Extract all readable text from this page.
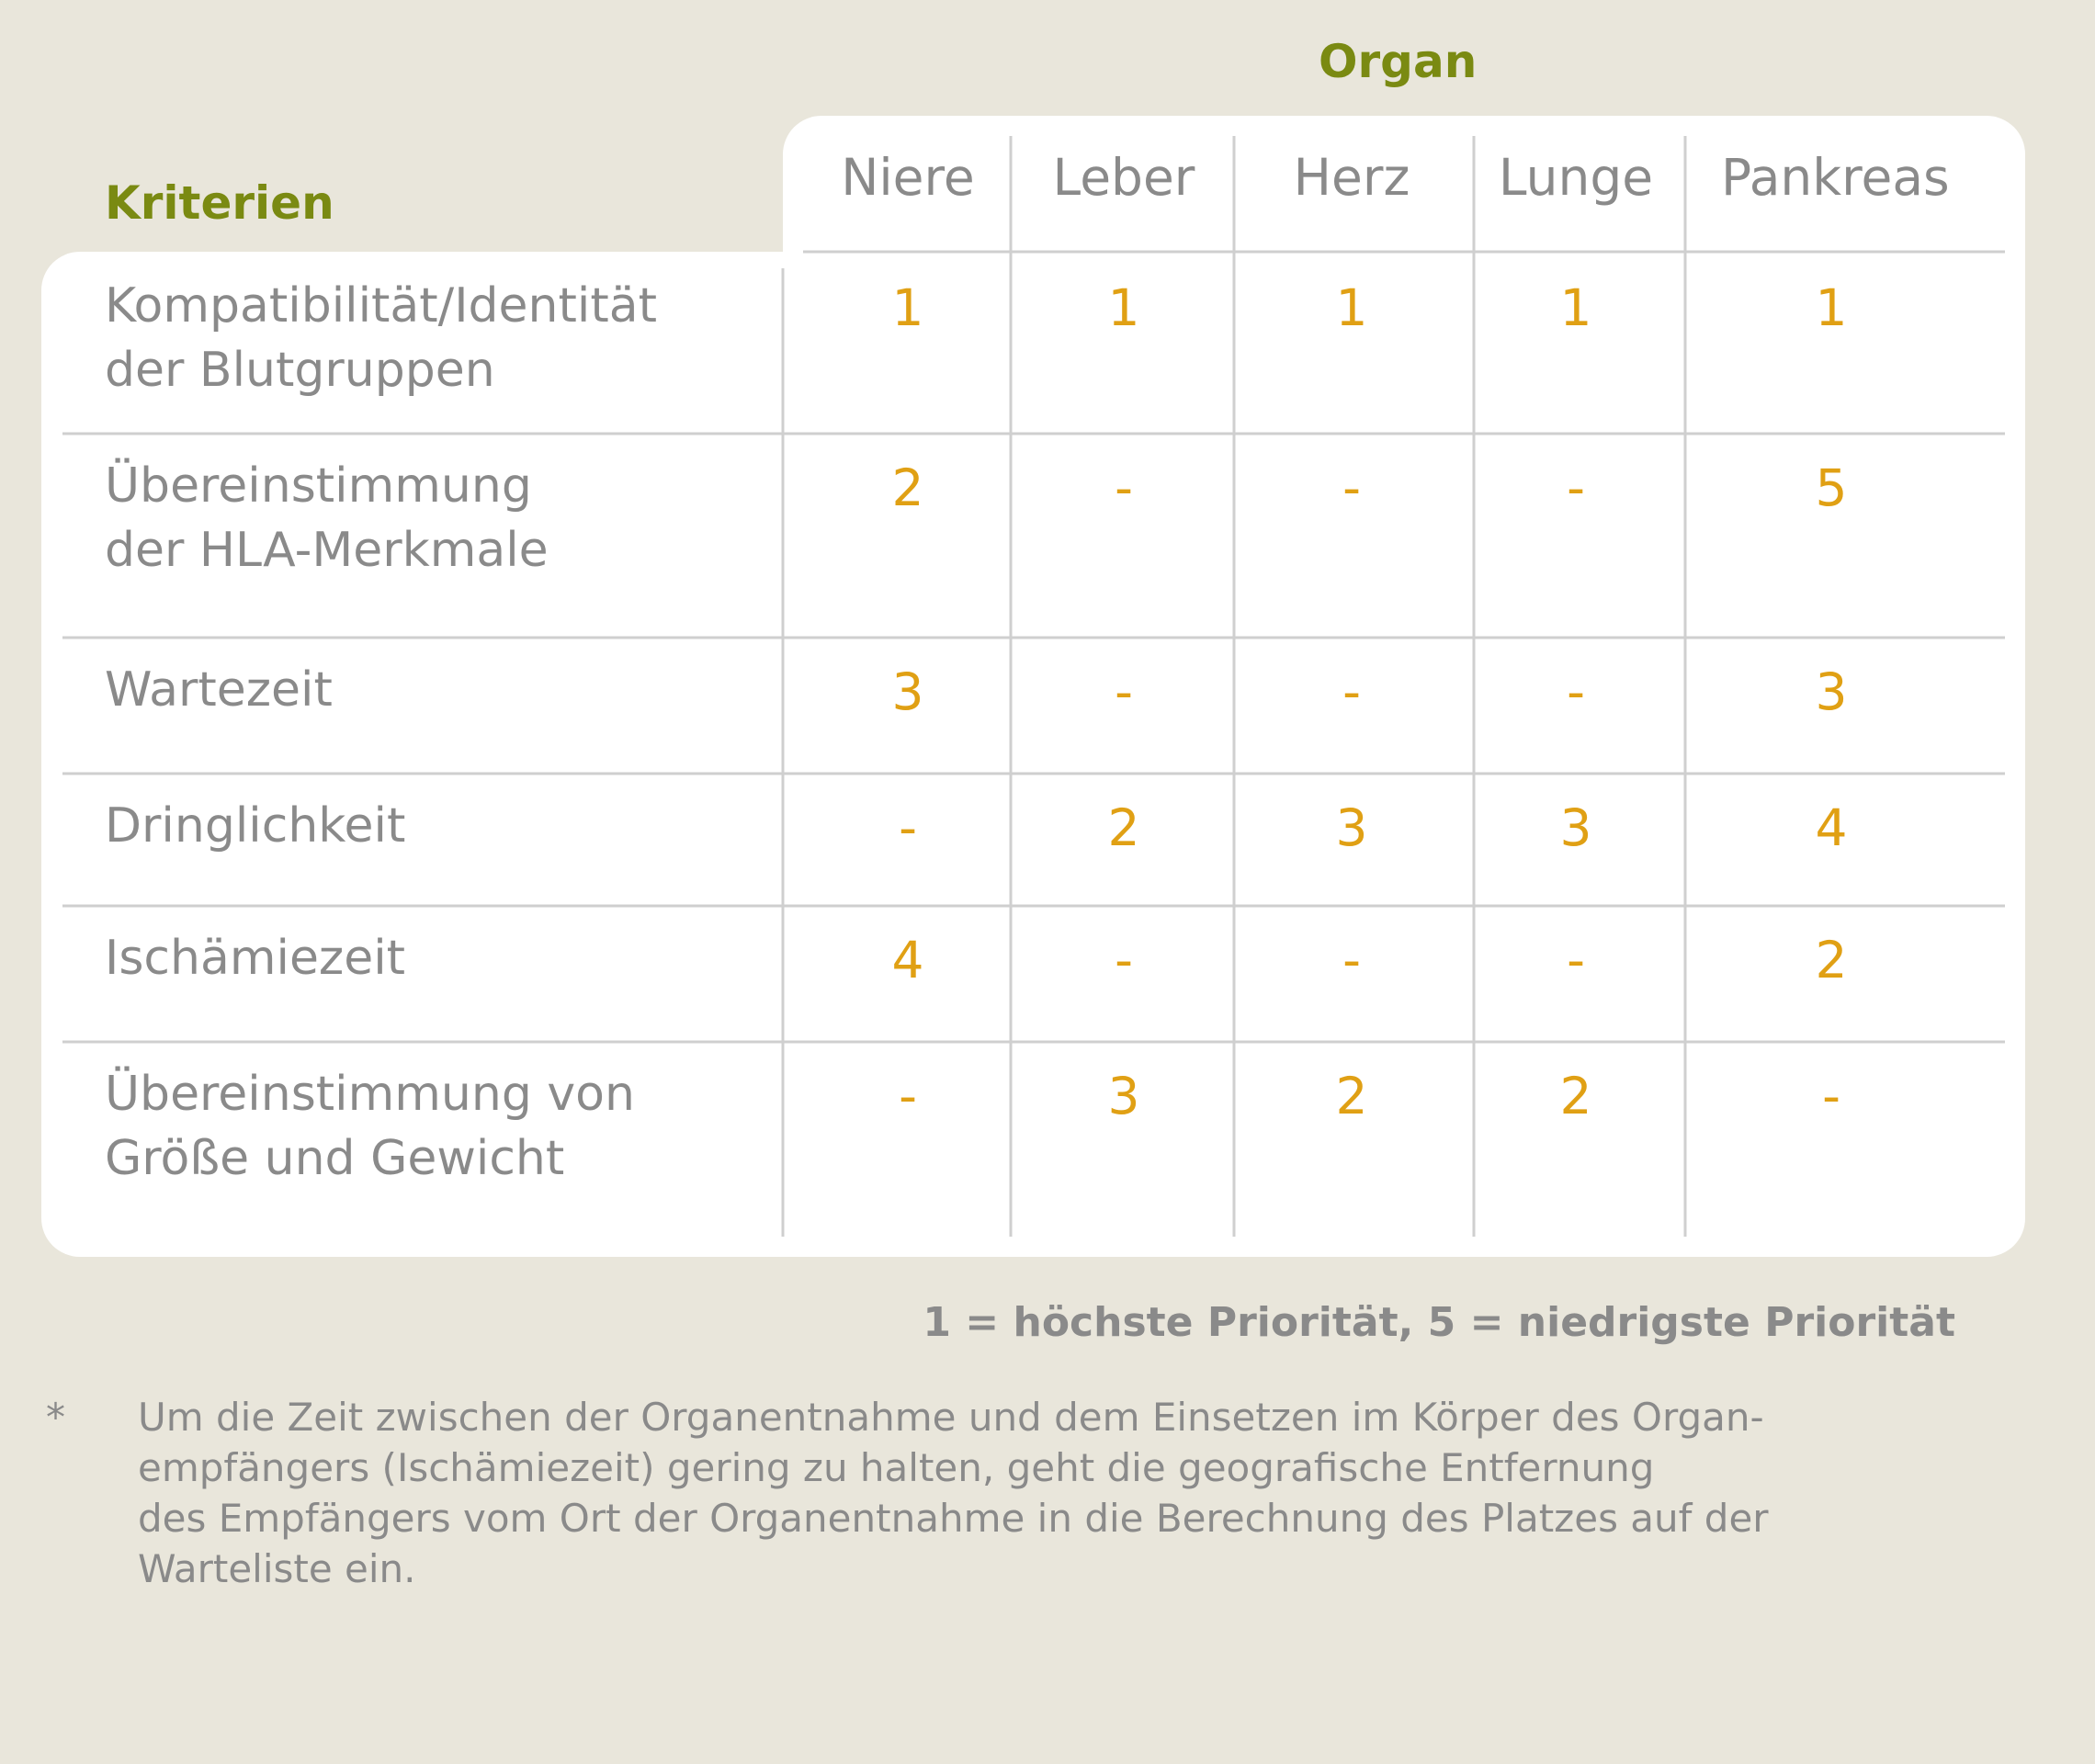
Organ
Kriterien	Niere	Leber	Herz	Lunge	Pankreas
Kompatibilität/Identität
der Blutgruppen
1	1	1	1	1
Übereinstimmung
der HLA-Merkmale
2	-	-	-	5
Wartezeit	3	-	-	-	3
Dringlichkeit	-	2	3	3	4
Ischämiezeit	4	-	-	-	2
Übereinstimmung von
Größe und Gewicht
-	3	2	2	-
1 = höchste Priorität, 5 = niedrigste Priorität
* Um die Zeit zwischen der Organentnahme und dem Einsetzen im Körper des Organ-
empfängers (Ischämiezeit) gering zu halten, geht die geografische Entfernung
des Empfängers vom Ort der Organentnahme in die Berechnung des Platzes auf der
Warteliste ein.
